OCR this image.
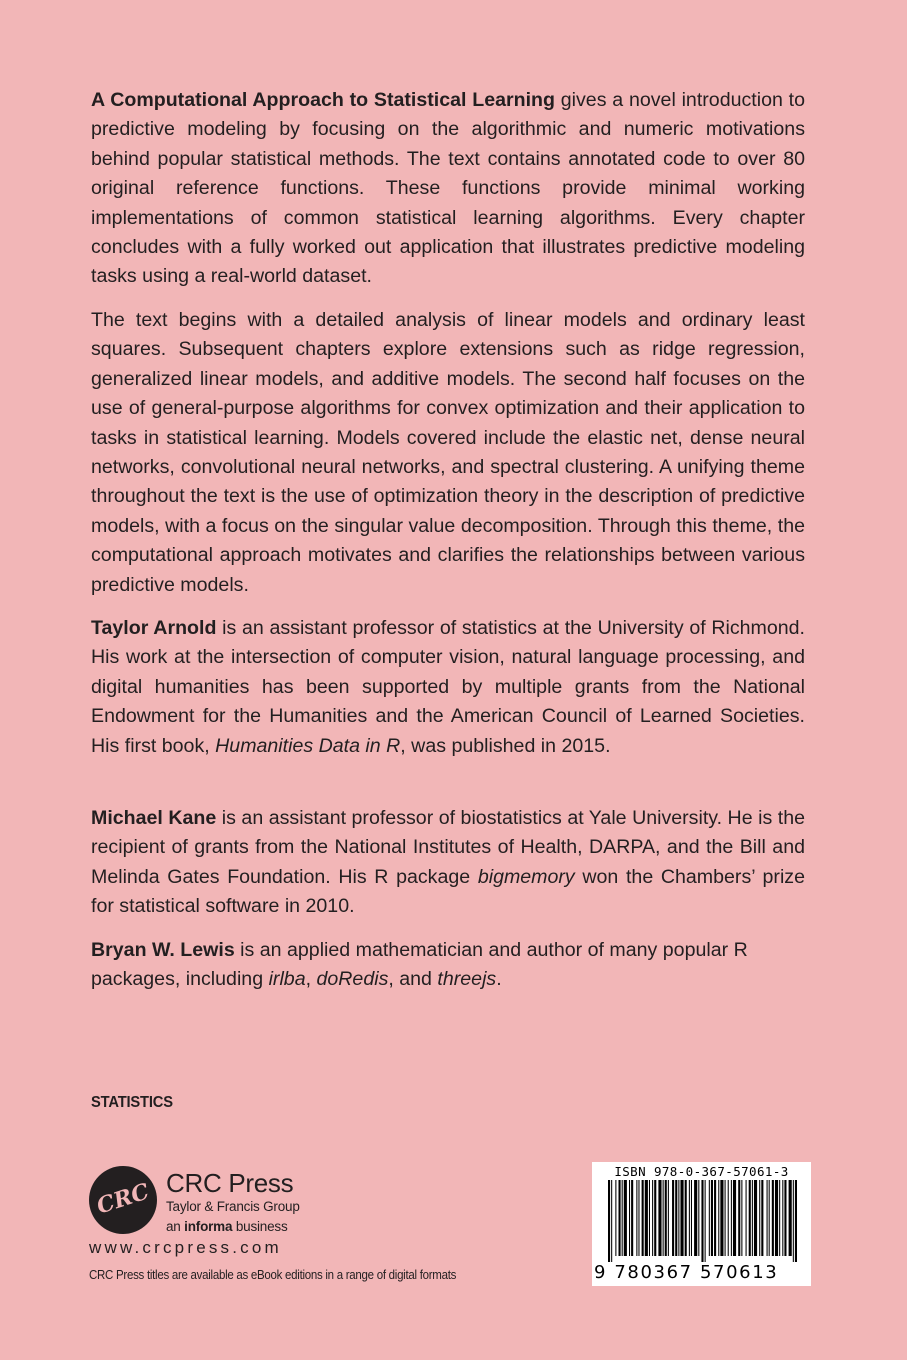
A Computational Approach to Statistical Learning gives a novel introduction to predictive modeling by focusing on the algorithmic and numeric motivations behind popular statistical methods. The text contains annotated code to over 80 original reference functions. These functions provide minimal working implementations of common statistical learning algorithms. Every chapter concludes with a fully worked out application that illustrates predictive modeling tasks using a real-world dataset.

The text begins with a detailed analysis of linear models and ordinary least squares. Subsequent chapters explore extensions such as ridge regression, generalized linear models, and additive models. The second half focuses on the use of general-purpose algorithms for convex optimization and their application to tasks in statistical learning. Models covered include the elastic net, dense neural networks, convolutional neural networks, and spectral clustering. A unifying theme throughout the text is the use of optimization theory in the description of predictive models, with a focus on the singular value decomposition. Through this theme, the computational approach motivates and clarifies the relationships between various predictive models.

Taylor Arnold is an assistant professor of statistics at the University of Richmond. His work at the intersection of computer vision, natural language processing, and digital humanities has been supported by multiple grants from the National Endowment for the Humanities and the American Council of Learned Societies. His first book, Humanities Data in R, was published in 2015.

Michael Kane is an assistant professor of biostatistics at Yale University. He is the recipient of grants from the National Institutes of Health, DARPA, and the Bill and Melinda Gates Foundation. His R package bigmemory won the Chambers’ prize for statistical software in 2010.

Bryan W. Lewis is an applied mathematician and author of many popular R packages, including irlba, doRedis, and threejs.

STATISTICS
CRC CRC Press
Taylor & Francis Group
an informa business
www.crcpress.com
CRC Press titles are available as eBook editions in a range of digital formats
ISBN 978-0-367-57061-3
9 780367 570613
